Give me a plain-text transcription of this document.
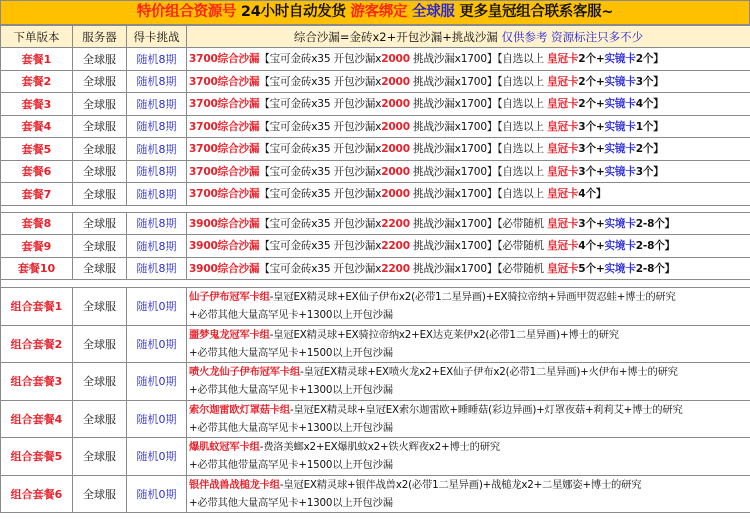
特价组合资源号 24小时自动发货 游客绑定 全球服 更多皇冠组合联系客服~
下单版本	服务器	得卡挑战	综合沙漏=金砖x2+开包沙漏+挑战沙漏 仅供参考 资源标注只多不少
套餐1	全球服	随机8期	3700综合沙漏【宝可金砖x35 开包沙漏x2000 挑战沙漏x1700】【自选以上 皇冠卡2个+实镜卡2个】
套餐2	全球服	随机8期	3700综合沙漏【宝可金砖x35 开包沙漏x2000 挑战沙漏x1700】【自选以上 皇冠卡2个+实镜卡3个】
套餐3	全球服	随机8期	3700综合沙漏【宝可金砖x35 开包沙漏x2000 挑战沙漏x1700】【自选以上 皇冠卡2个+实镜卡4个】
套餐4	全球服	随机8期	3700综合沙漏【宝可金砖x35 开包沙漏x2000 挑战沙漏x1700】【自选以上 皇冠卡3个+实镜卡1个】
套餐5	全球服	随机8期	3700综合沙漏【宝可金砖x35 开包沙漏x2000 挑战沙漏x1700】【自选以上 皇冠卡3个+实镜卡2个】
套餐6	全球服	随机8期	3700综合沙漏【宝可金砖x35 开包沙漏x2000 挑战沙漏x1700】【自选以上 皇冠卡3个+实镜卡3个】
套餐7	全球服	随机8期	3700综合沙漏【宝可金砖x35 开包沙漏x2000 挑战沙漏x1700】【自选以上 皇冠卡4个】

套餐8	全球服	随机8期	3900综合沙漏【宝可金砖x35 开包沙漏x2200 挑战沙漏x1700】【必带随机 皇冠卡3个+实境卡2-8个】
套餐9	全球服	随机8期	3900综合沙漏【宝可金砖x35 开包沙漏x2200 挑战沙漏x1700】【必带随机 皇冠卡4个+实境卡2-8个】
套餐10	全球服	随机8期	3900综合沙漏【宝可金砖x35 开包沙漏x2200 挑战沙漏x1700】【必带随机 皇冠卡5个+实境卡2-8个】

组合套餐1	全球服	随机0期	仙子伊布冠军卡组-皇冠EX精灵球+EX仙子伊布x2(必带1二星异画)+EX骑拉帝纳+异画甲贺忍蛙+博士的研究
+必带其他大量高罕见卡+1300以上开包沙漏
组合套餐2	全球服	随机0期	噩梦鬼龙冠军卡组-皇冠EX精灵球+EX骑拉帝纳x2+EX达克莱伊x2(必带1二星异画)+博士的研究
+必带其他大量高罕见卡+1500以上开包沙漏
组合套餐3	全球服	随机0期	喷火龙仙子伊布冠军卡组-皇冠EX精灵球+EX喷火龙x2+EX仙子伊布x2(必带1二星异画)+火伊布+博士的研究
+必带其他大量高罕见卡+1300以上开包沙漏
组合套餐4	全球服	随机0期	索尔迦雷欧灯罩菇卡组-皇冠EX精灵球+皇冠EX索尔迦雷欧+睡睡菇(彩边异画)+灯罩夜菇+莉莉艾+博士的研究
+必带其他大量高罕见卡+1300以上开包沙漏
组合套餐5	全球服	随机0期	爆肌蚊冠军卡组-费洛美螂x2+EX爆肌蚊x2+铁火辉夜x2+博士的研究
+必带其他带量高罕见卡+1500以上开包沙漏
组合套餐6	全球服	随机0期	银伴战兽战槌龙卡组-皇冠EX精灵球+银伴战兽x2(必带1二星异画)+战槌龙x2+二星娜姿+博士的研究
+必带其他大量高罕见卡+1300以上开包沙漏
